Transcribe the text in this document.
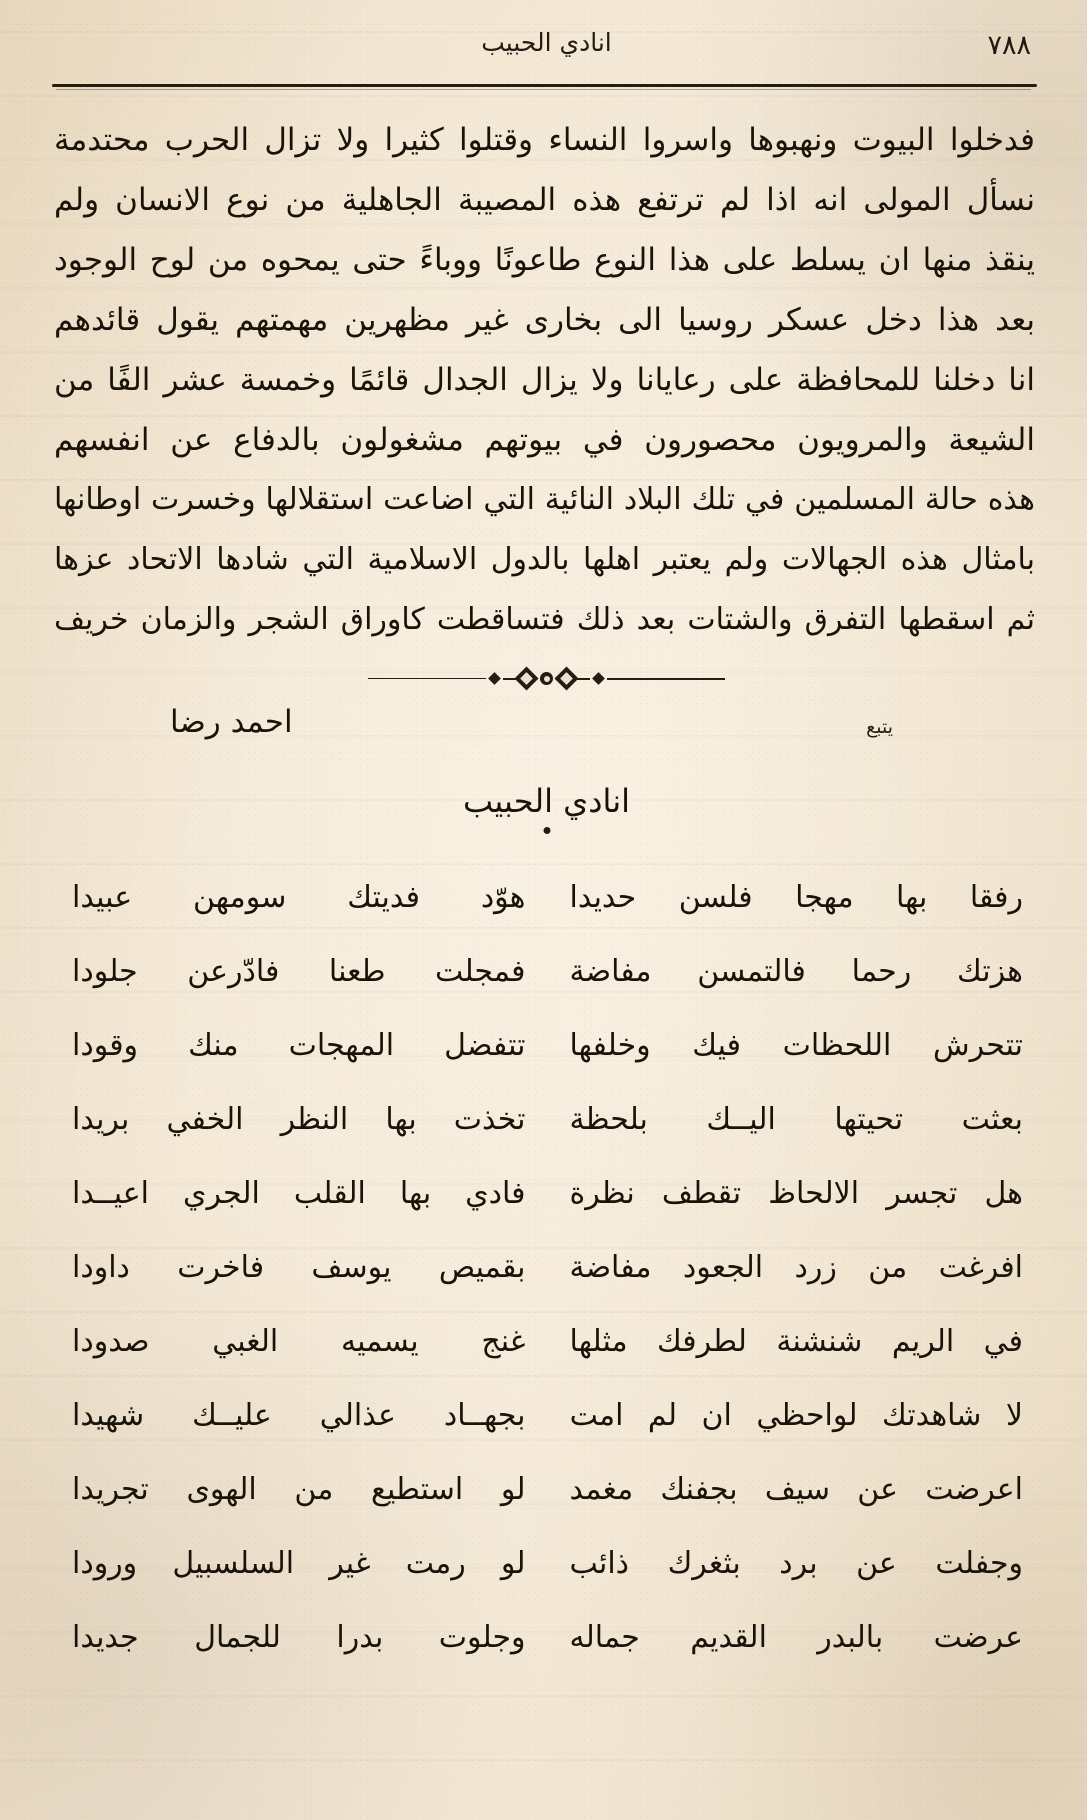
٧٨٨
انادي الحبيب
فدخلوا البيوت ونهبوها واسروا النساء وقتلوا كثيرا ولا تزال الحرب محتدمة
نسأل المولى انه اذا لم ترتفع هذه المصيبة الجاهلية من نوع الانسان ولم
ينقذ منها ان يسلط على هذا النوع طاعونًا ووباءً حتى يمحوه من لوح الوجود
بعد هذا دخل عسكر روسيا الى بخارى غير مظهرين مهمتهم يقول قائدهم
انا دخلنا للمحافظة على رعايانا ولا يزال الجدال قائمًا وخمسة عشر الفًا من
الشيعة والمرويون محصورون في بيوتهم مشغولون بالدفاع عن انفسهم
هذه حالة المسلمين في تلك البلاد النائية التي اضاعت استقلالها وخسرت اوطانها
بامثال هذه الجهالات ولم يعتبر اهلها بالدول الاسلامية التي شادها الاتحاد عزها
ثم اسقطها التفرق والشتات بعد ذلك فتساقطت كاوراق الشجر والزمان خريف
يتبع
احمد رضا
انادي الحبيب
رفقا
بها
مهجا
فلسن
حديدا
هوّد
فديتك
سومهن
عبيدا
هزتك
رحما
فالتمسن
مفاضة
فمجلت
طعنا
فادّرعن
جلودا
تتحرش
اللحظات
فيك
وخلفها
تتفضل
المهجات
منك
وقودا
بعثت
تحيتها
اليــك
بلحظة
تخذت
بها
النظر
الخفي
بريدا
هل
تجسر
الالحاظ
تقطف
نظرة
فادي
بها
القلب
الجري
اعيــدا
افرغت
من
زرد
الجعود
مفاضة
بقميص
يوسف
فاخرت
داودا
في
الريم
شنشنة
لطرفك
مثلها
غنج
يسميه
الغبي
صدودا
لا
شاهدتك
لواحظي
ان
لم
امت
بجهــاد
عذالي
عليــك
شهيدا
اعرضت
عن
سيف
بجفنك
مغمد
لو
استطيع
من
الهوى
تجريدا
وجفلت
عن
برد
بثغرك
ذائب
لو
رمت
غير
السلسبيل
ورودا
عرضت
بالبدر
القديم
جماله
وجلوت
بدرا
للجمال
جديدا
